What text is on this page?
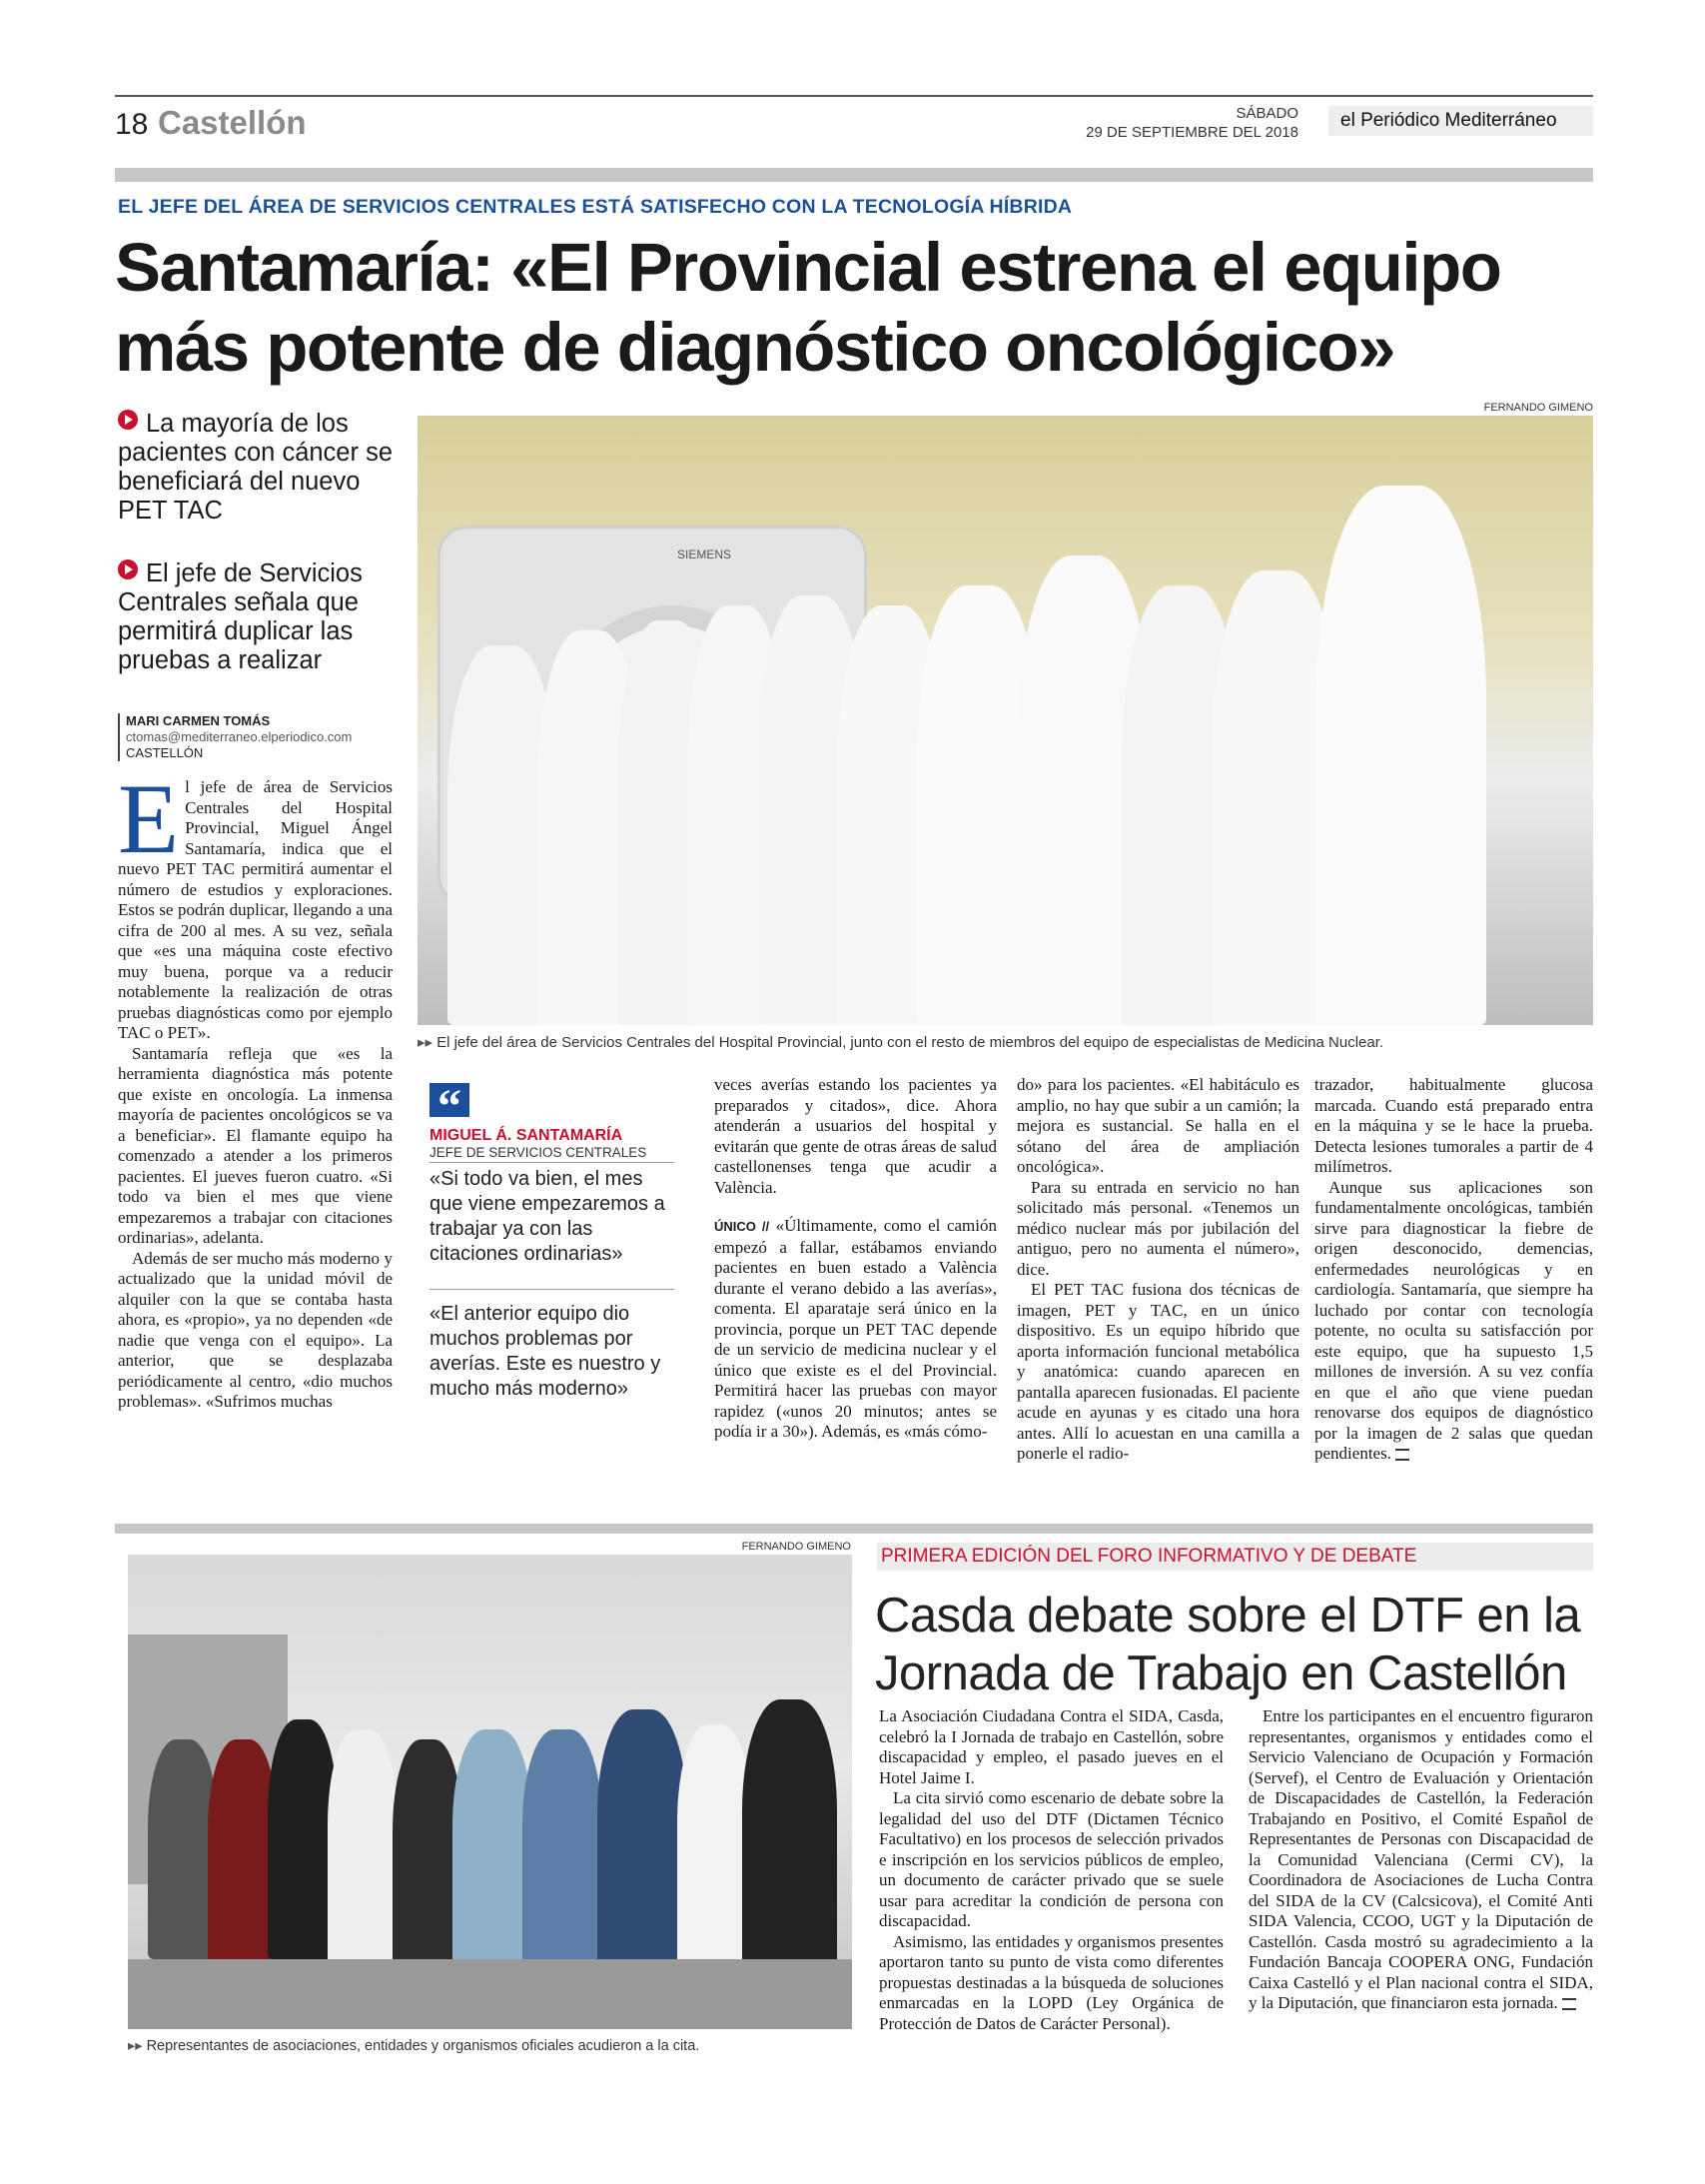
18 Castellón	SÁBADO
29 DE SEPTIEMBRE DEL 2018
el Periódico Mediterráneo
EL JEFE DEL ÁREA DE SERVICIOS CENTRALES ESTÁ SATISFECHO CON LA TECNOLOGÍA HÍBRIDA
Santamaría: «El Provincial estrena el equipo
más potente de diagnóstico oncológico»
La mayoría de los pacientes con cáncer se beneficiará del nuevo PET TAC
El jefe de Servicios Centrales señala que permitirá duplicar las pruebas a realizar
MARI CARMEN TOMÁS
ctomas@mediterraneo.elperiodico.com
CASTELLÓN
FERNANDO GIMENO
SIEMENS
▸▸ El jefe del área de Servicios Centrales del Hospital Provincial, junto con el resto de miembros del equipo de especialistas de Medicina Nuclear.

El jefe de área de Servicios Centrales del Hospital Provincial, Miguel Ángel Santamaría, indica que el nuevo PET TAC permitirá aumentar el número de estudios y exploraciones. Estos se podrán duplicar, llegando a una cifra de 200 al mes. A su vez, señala que «es una máquina coste efectivo muy buena, porque va a reducir notablemente la realización de otras pruebas diagnósticas como por ejemplo TAC o PET».

Santamaría refleja que «es la herramienta diagnóstica más potente que existe en oncología. La inmensa mayoría de pacientes oncológicos se va a beneficiar». El flamante equipo ha comenzado a atender a los primeros pacientes. El jueves fueron cuatro. «Si todo va bien el mes que viene empezaremos a trabajar con citaciones ordinarias», adelanta.

Además de ser mucho más moderno y actualizado que la unidad móvil de alquiler con la que se contaba hasta ahora, es «propio», ya no dependen «de nadie que venga con el equipo». La anterior, que se desplazaba periódicamente al centro, «dio muchos problemas». «Sufrimos muchas

“
MIGUEL Á. SANTAMARÍA
JEFE DE SERVICIOS CENTRALES
«Si todo va bien, el mes que viene empezaremos a trabajar ya con las citaciones ordinarias»
«El anterior equipo dio muchos problemas por averías. Este es nuestro y mucho más moderno»

veces averías estando los pacientes ya preparados y citados», dice. Ahora atenderán a usuarios del hospital y evitarán que gente de otras áreas de salud castellonenses tenga que acudir a València.

ÚNICO // «Últimamente, como el camión empezó a fallar, estábamos enviando pacientes en buen estado a València durante el verano debido a las averías», comenta. El aparataje será único en la provincia, porque un PET TAC depende de un servicio de medicina nuclear y el único que existe es el del Provincial. Permitirá hacer las pruebas con mayor rapidez («unos 20 minutos; antes se podía ir a 30»). Además, es «más cómo-

do» para los pacientes. «El habitáculo es amplio, no hay que subir a un camión; la mejora es sustancial. Se halla en el sótano del área de ampliación oncológica».

Para su entrada en servicio no han solicitado más personal. «Tenemos un médico nuclear más por jubilación del antiguo, pero no aumenta el número», dice.

El PET TAC fusiona dos técnicas de imagen, PET y TAC, en un único dispositivo. Es un equipo híbrido que aporta información funcional metabólica y anatómica: cuando aparecen en pantalla aparecen fusionadas. El paciente acude en ayunas y es citado una hora antes. Allí lo acuestan en una camilla a ponerle el radio-

trazador, habitualmente glucosa marcada. Cuando está preparado entra en la máquina y se le hace la prueba. Detecta lesiones tumorales a partir de 4 milímetros.

Aunque sus aplicaciones son fundamentalmente oncológicas, también sirve para diagnosticar la fiebre de origen desconocido, demencias, enfermedades neurológicas y en cardiología. Santamaría, que siempre ha luchado por contar con tecnología potente, no oculta su satisfacción por este equipo, que ha supuesto 1,5 millones de inversión. A su vez confía en que el año que viene puedan renovarse dos equipos de diagnóstico por la imagen de 2 salas que quedan pendientes.

FERNANDO GIMENO
▸▸ Representantes de asociaciones, entidades y organismos oficiales acudieron a la cita.
PRIMERA EDICIÓN DEL FORO INFORMATIVO Y DE DEBATE
Casda debate sobre el DTF en la
Jornada de Trabajo en Castellón

La Asociación Ciudadana Contra el SIDA, Casda, celebró la I Jornada de trabajo en Castellón, sobre discapacidad y empleo, el pasado jueves en el Hotel Jaime I.

La cita sirvió como escenario de debate sobre la legalidad del uso del DTF (Dictamen Técnico Facultativo) en los procesos de selección privados e inscripción en los servicios públicos de empleo, un documento de carácter privado que se suele usar para acreditar la condición de persona con discapacidad.

Asimismo, las entidades y organismos presentes aportaron tanto su punto de vista como diferentes propuestas destinadas a la búsqueda de soluciones enmarcadas en la LOPD (Ley Orgánica de Protección de Datos de Carácter Personal).

Entre los participantes en el encuentro figuraron representantes, organismos y entidades como el Servicio Valenciano de Ocupación y Formación (Servef), el Centro de Evaluación y Orientación de Discapacidades de Castellón, la Federación Trabajando en Positivo, el Comité Español de Representantes de Personas con Discapacidad de la Comunidad Valenciana (Cermi CV), la Coordinadora de Asociaciones de Lucha Contra del SIDA de la CV (Calcsicova), el Comité Anti SIDA Valencia, CCOO, UGT y la Diputación de Castellón. Casda mostró su agradecimiento a la Fundación Bancaja COOPERA ONG, Fundación Caixa Castelló y el Plan nacional contra el SIDA, y la Diputación, que financiaron esta jornada.
